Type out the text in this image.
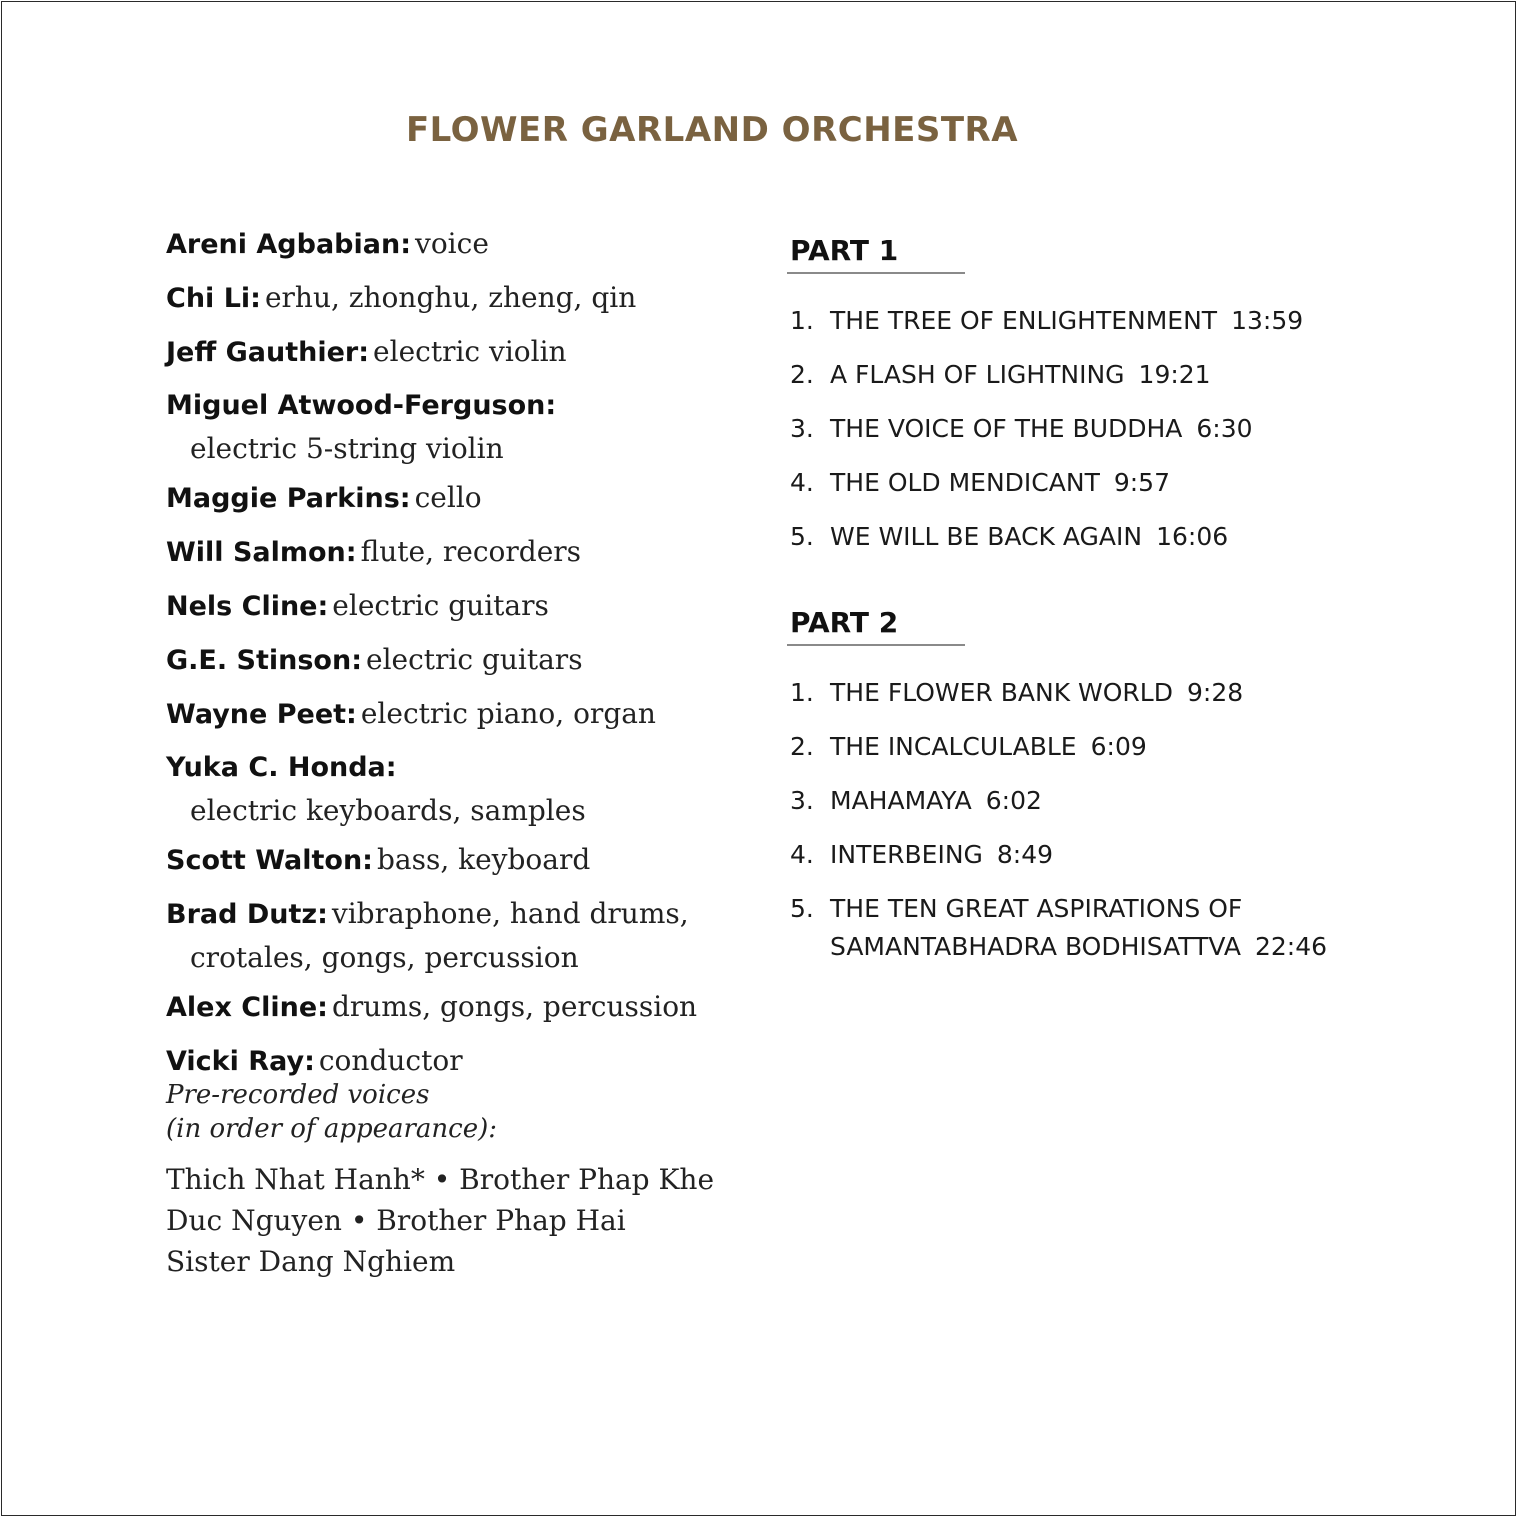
FLOWER GARLAND ORCHESTRA
Areni Agbabian: voice
Chi Li: erhu, zhonghu, zheng, qin
Jeff Gauthier: electric violin
Miguel Atwood-Ferguson:
electric 5-string violin
Maggie Parkins: cello
Will Salmon: flute, recorders
Nels Cline: electric guitars
G.E. Stinson: electric guitars
Wayne Peet: electric piano, organ
Yuka C. Honda:
electric keyboards, samples
Scott Walton: bass, keyboard
Brad Dutz: vibraphone, hand drums,
crotales, gongs, percussion
Alex Cline: drums, gongs, percussion
Vicki Ray: conductor
Pre-recorded voices
(in order of appearance):
Thich Nhat Hanh* • Brother Phap Khe
Duc Nguyen • Brother Phap Hai
Sister Dang Nghiem
PART 1
1. THE TREE OF ENLIGHTENMENT 13:59
2. A FLASH OF LIGHTNING 19:21
3. THE VOICE OF THE BUDDHA 6:30
4. THE OLD MENDICANT 9:57
5. WE WILL BE BACK AGAIN 16:06
PART 2
1. THE FLOWER BANK WORLD 9:28
2. THE INCALCULABLE 6:09
3. MAHAMAYA 6:02
4. INTERBEING 8:49
5. THE TEN GREAT ASPIRATIONS OF SAMANTABHADRA BODHISATTVA 22:46
